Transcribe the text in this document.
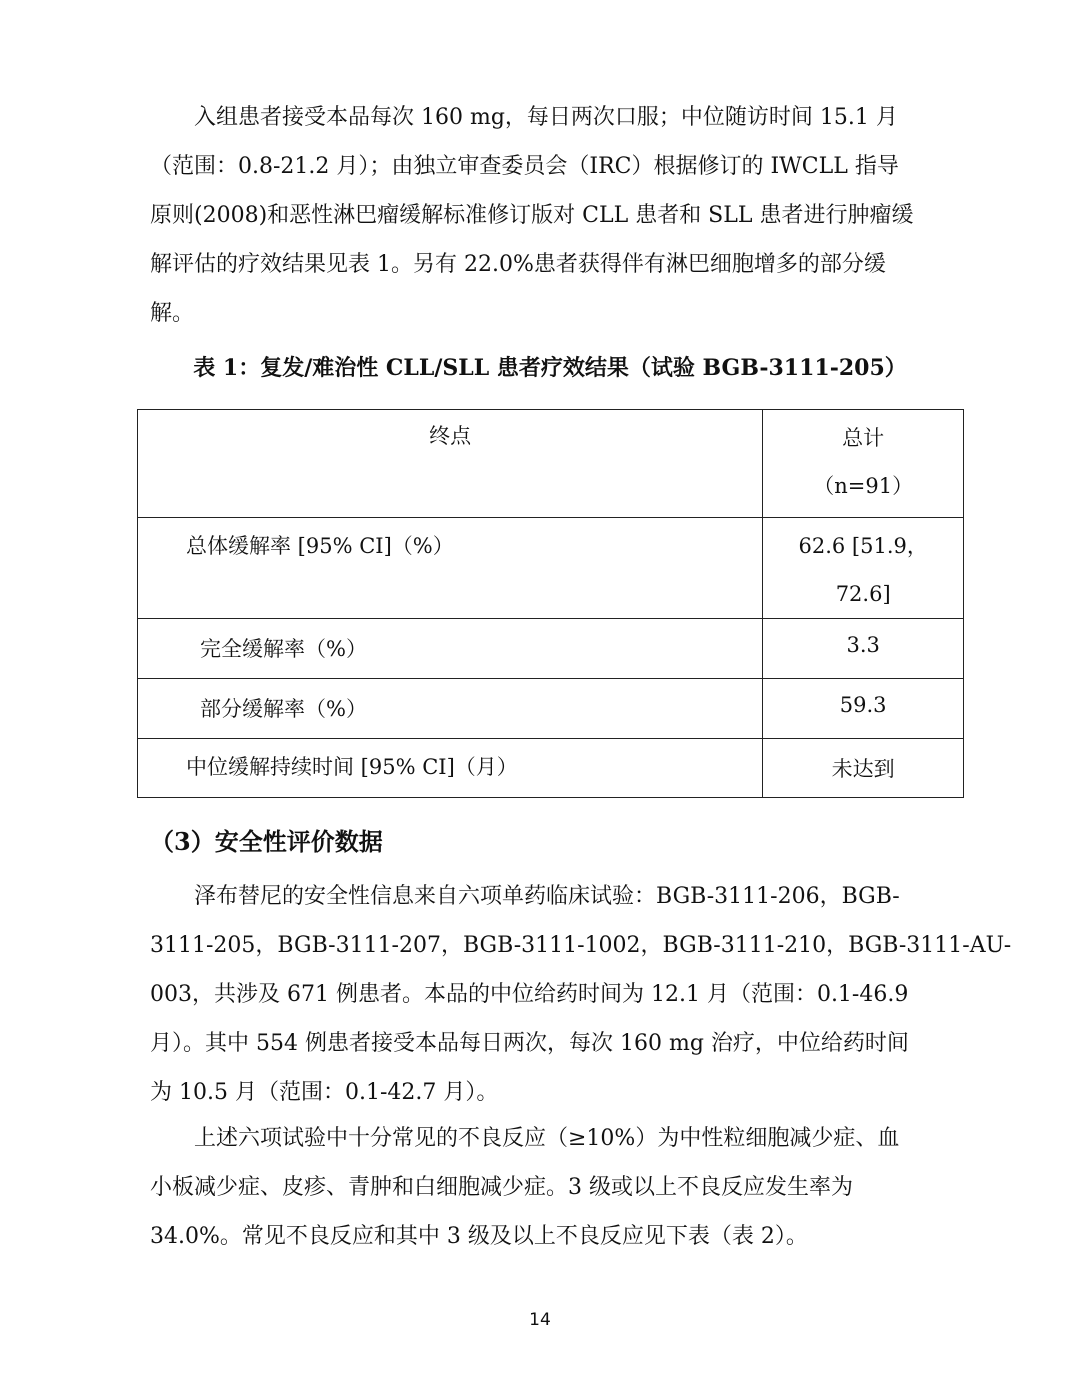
　　入组患者接受本品每次 160 mg，每日两次口服；中位随访时间 15.1 月
（范围：0.8-21.2 月）；由独立审查委员会（IRC）根据修订的 IWCLL 指导
原则(2008)和恶性淋巴瘤缓解标准修订版对 CLL 患者和 SLL 患者进行肿瘤缓
解评估的疗效结果见表 1。另有 22.0%患者获得伴有淋巴细胞增多的部分缓
解。

表 1：复发/难治性 CLL/SLL 患者疗效结果（试验 BGB-3111-205）
终点	总计
（n=91）

总体缓解率 [95% CI]（%）	62.6 [51.9，
72.6]

完全缓解率（%）	3.3

部分缓解率（%）	59.3

中位缓解持续时间 [95% CI]（月）	未达到
（3）安全性评价数据

　　泽布替尼的安全性信息来自六项单药临床试验：BGB-3111-206，BGB-
3111-205，BGB-3111-207，BGB-3111-1002，BGB-3111-210，BGB-3111-AU-
003，共涉及 671 例患者。本品的中位给药时间为 12.1 月（范围：0.1-46.9
月）。其中 554 例患者接受本品每日两次，每次 160 mg 治疗，中位给药时间
为 10.5 月（范围：0.1-42.7 月）。

　　上述六项试验中十分常见的不良反应（≥10%）为中性粒细胞减少症、血
小板减少症、皮疹、青肿和白细胞减少症。3 级或以上不良反应发生率为
34.0%。常见不良反应和其中 3 级及以上不良反应见下表（表 2）。

14
